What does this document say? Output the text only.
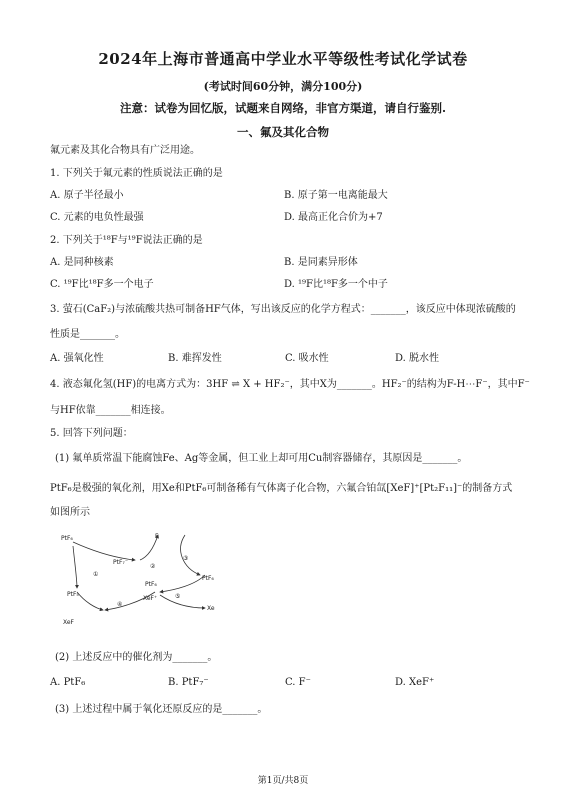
2024年上海市普通高中学业水平等级性考试化学试卷
(考试时间60分钟，满分100分)
注意：试卷为回忆版，试题来自网络，非官方渠道，请自行鉴别.
一、氟及其化合物
氟元素及其化合物具有广泛用途。
1. 下列关于氟元素的性质说法正确的是
A. 原子半径最小	B. 原子第一电离能最大
C. 元素的电负性最强	D. 最高正化合价为+7
2. 下列关于¹⁸F与¹⁹F说法正确的是
A. 是同种核素	B. 是同素异形体
C. ¹⁹F比¹⁸F多一个电子	D. ¹⁹F比¹⁸F多一个中子
3. 萤石(CaF₂)与浓硫酸共热可制备HF气体，写出该反应的化学方程式：_______，该反应中体现浓硫酸的
性质是_______。
A. 强氧化性	B. 难挥发性	C. 吸水性	D. 脱水性
4. 液态氟化氢(HF)的电离方式为：3HF ⇌ X + HF₂⁻，其中X为_______。HF₂⁻的结构为F-H⋯F⁻，其中F⁻
与HF依靠_______相连接。
5. 回答下列问题：
(1) 氟单质常温下能腐蚀Fe、Ag等金属，但工业上却可用Cu制容器储存，其原因是_______。
PtF₆是极强的氧化剂，用Xe和PtF₆可制备稀有气体离子化合物，六氟合铂氙[XeF]⁺[Pt₂F₁₁]⁻的制备方式
如图所示
PtF₆
PtF₇⁻
F
PtF₆
PtF₅
Xe
XeF
XeF⁺
PtF₆
①
②
③
④
⑤
(2) 上述反应中的催化剂为_______。
A. PtF₆	B. PtF₇⁻	C. F⁻	D. XeF⁺
(3) 上述过程中属于氧化还原反应的是_______。
第1页/共8页
